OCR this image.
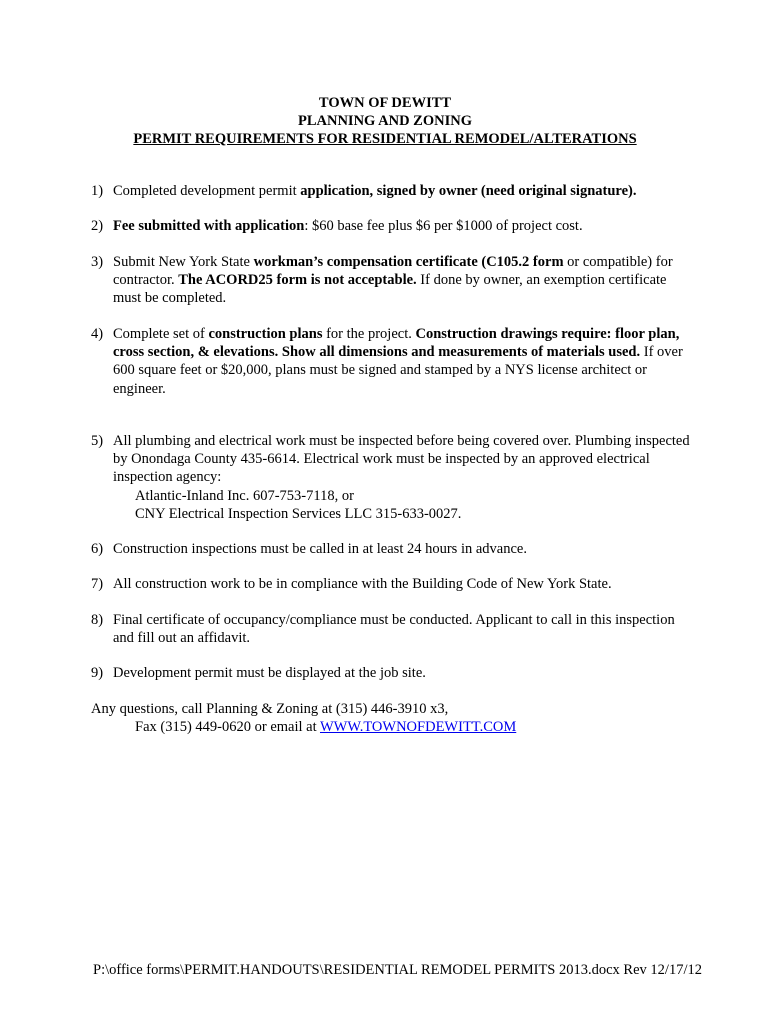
TOWN OF DEWITT
PLANNING AND ZONING
PERMIT REQUIREMENTS FOR RESIDENTIAL REMODEL/ALTERATIONS
1) Completed development permit application, signed by owner (need original signature).
2) Fee submitted with application: $60 base fee plus $6 per $1000 of project cost.
3) Submit New York State workman’s compensation certificate (C105.2 form or compatible) for contractor. The ACORD25 form is not acceptable. If done by owner, an exemption certificate must be completed.
4) Complete set of construction plans for the project. Construction drawings require: floor plan, cross section, & elevations. Show all dimensions and measurements of materials used. If over 600 square feet or $20,000, plans must be signed and stamped by a NYS license architect or engineer.
5) All plumbing and electrical work must be inspected before being covered over. Plumbing inspected by Onondaga County 435-6614. Electrical work must be inspected by an approved electrical inspection agency:
Atlantic-Inland Inc. 607-753-7118, or
CNY Electrical Inspection Services LLC 315-633-0027.
6) Construction inspections must be called in at least 24 hours in advance.
7) All construction work to be in compliance with the Building Code of New York State.
8) Final certificate of occupancy/compliance must be conducted. Applicant to call in this inspection and fill out an affidavit.
9) Development permit must be displayed at the job site.
Any questions, call Planning & Zoning at (315) 446-3910 x3,
Fax (315) 449-0620 or email at WWW.TOWNOFDEWITT.COM
P:\office forms\PERMIT.HANDOUTS\RESIDENTIAL REMODEL PERMITS 2013.docx Rev 12/17/12
